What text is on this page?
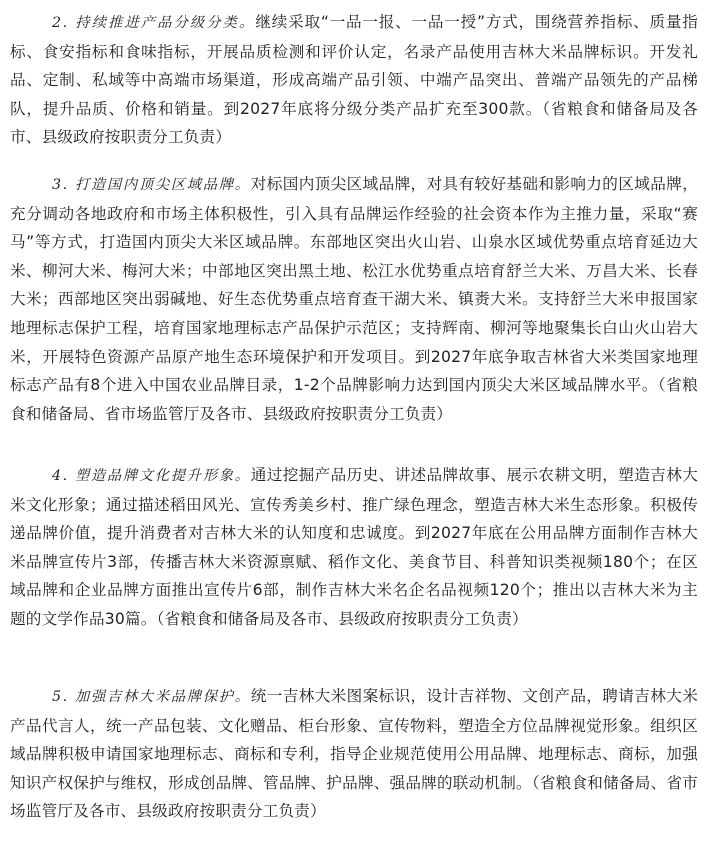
2. 持续推进产品分级分类。继续采取“一品一报、一品一授”方式，围绕营养指标、质量指标、食安指标和食味指标，开展品质检测和评价认定，名录产品使用吉林大米品牌标识。开发礼品、定制、私域等中高端市场渠道，形成高端产品引领、中端产品突出、普端产品领先的产品梯队，提升品质、价格和销量。到2027年底将分级分类产品扩充至300款。（省粮食和储备局及各市、县级政府按职责分工负责）

3. 打造国内顶尖区域品牌。对标国内顶尖区域品牌，对具有较好基础和影响力的区域品牌，充分调动各地政府和市场主体积极性，引入具有品牌运作经验的社会资本作为主推力量，采取“赛马”等方式，打造国内顶尖大米区域品牌。东部地区突出火山岩、山泉水区域优势重点培育延边大米、柳河大米、梅河大米；中部地区突出黑土地、松江水优势重点培育舒兰大米、万昌大米、长春大米；西部地区突出弱碱地、好生态优势重点培育查干湖大米、镇赉大米。支持舒兰大米申报国家地理标志保护工程，培育国家地理标志产品保护示范区；支持辉南、柳河等地聚集长白山火山岩大米，开展特色资源产品原产地生态环境保护和开发项目。到2027年底争取吉林省大米类国家地理标志产品有8个进入中国农业品牌目录，1-2个品牌影响力达到国内顶尖大米区域品牌水平。（省粮食和储备局、省市场监管厅及各市、县级政府按职责分工负责）

4. 塑造品牌文化提升形象。通过挖掘产品历史、讲述品牌故事、展示农耕文明，塑造吉林大米文化形象；通过描述稻田风光、宣传秀美乡村、推广绿色理念，塑造吉林大米生态形象。积极传递品牌价值，提升消费者对吉林大米的认知度和忠诚度。到2027年底在公用品牌方面制作吉林大米品牌宣传片3部，传播吉林大米资源禀赋、稻作文化、美食节目、科普知识类视频180个；在区域品牌和企业品牌方面推出宣传片6部，制作吉林大米名企名品视频120个；推出以吉林大米为主题的文学作品30篇。（省粮食和储备局及各市、县级政府按职责分工负责）

5. 加强吉林大米品牌保护。统一吉林大米图案标识，设计吉祥物、文创产品，聘请吉林大米产品代言人，统一产品包装、文化赠品、柜台形象、宣传物料，塑造全方位品牌视觉形象。组织区域品牌积极申请国家地理标志、商标和专利，指导企业规范使用公用品牌、地理标志、商标，加强知识产权保护与维权，形成创品牌、管品牌、护品牌、强品牌的联动机制。（省粮食和储备局、省市场监管厅及各市、县级政府按职责分工负责）
